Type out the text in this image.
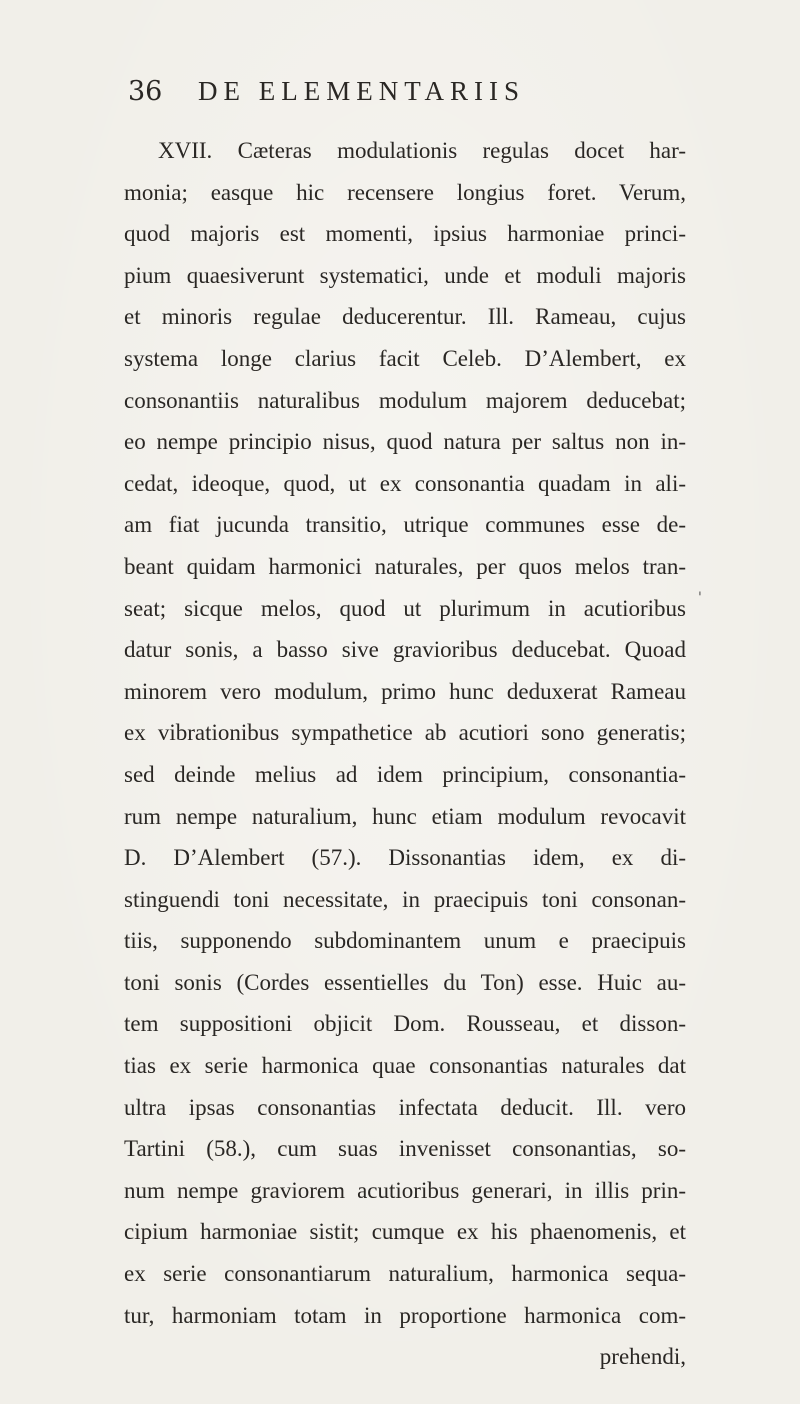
36 DE ELEMENTARIIS
'
XVII. Cæteras modulationis regulas docet har-
monia; easque hic recensere longius foret. Verum,
quod majoris est momenti, ipsius harmoniae princi-
pium quaesiverunt systematici, unde et moduli majoris
et minoris regulae deducerentur. Ill. Rameau, cujus
systema longe clarius facit Celeb. D’Alembert, ex
consonantiis naturalibus modulum majorem deducebat;
eo nempe principio nisus, quod natura per saltus non in-
cedat, ideoque, quod, ut ex consonantia quadam in ali-
am fiat jucunda transitio, utrique communes esse de-
beant quidam harmonici naturales, per quos melos tran-
seat; sicque melos, quod ut plurimum in acutioribus
datur sonis, a basso sive gravioribus deducebat. Quoad
minorem vero modulum, primo hunc deduxerat Rameau
ex vibrationibus sympathetice ab acutiori sono generatis;
sed deinde melius ad idem principium, consonantia-
rum nempe naturalium, hunc etiam modulum revocavit
D. D’Alembert (57.). Dissonantias idem, ex di-
stinguendi toni necessitate, in praecipuis toni consonan-
tiis, supponendo subdominantem unum e praecipuis
toni sonis (Cordes essentielles du Ton) esse. Huic au-
tem suppositioni objicit Dom. Rousseau, et disson-
tias ex serie harmonica quae consonantias naturales dat
ultra ipsas consonantias infectata deducit. Ill. vero
Tartini (58.), cum suas invenisset consonantias, so-
num nempe graviorem acutioribus generari, in illis prin-
cipium harmoniae sistit; cumque ex his phaenomenis, et
ex serie consonantiarum naturalium, harmonica sequa-
tur, harmoniam totam in proportione harmonica com-
prehendi,
